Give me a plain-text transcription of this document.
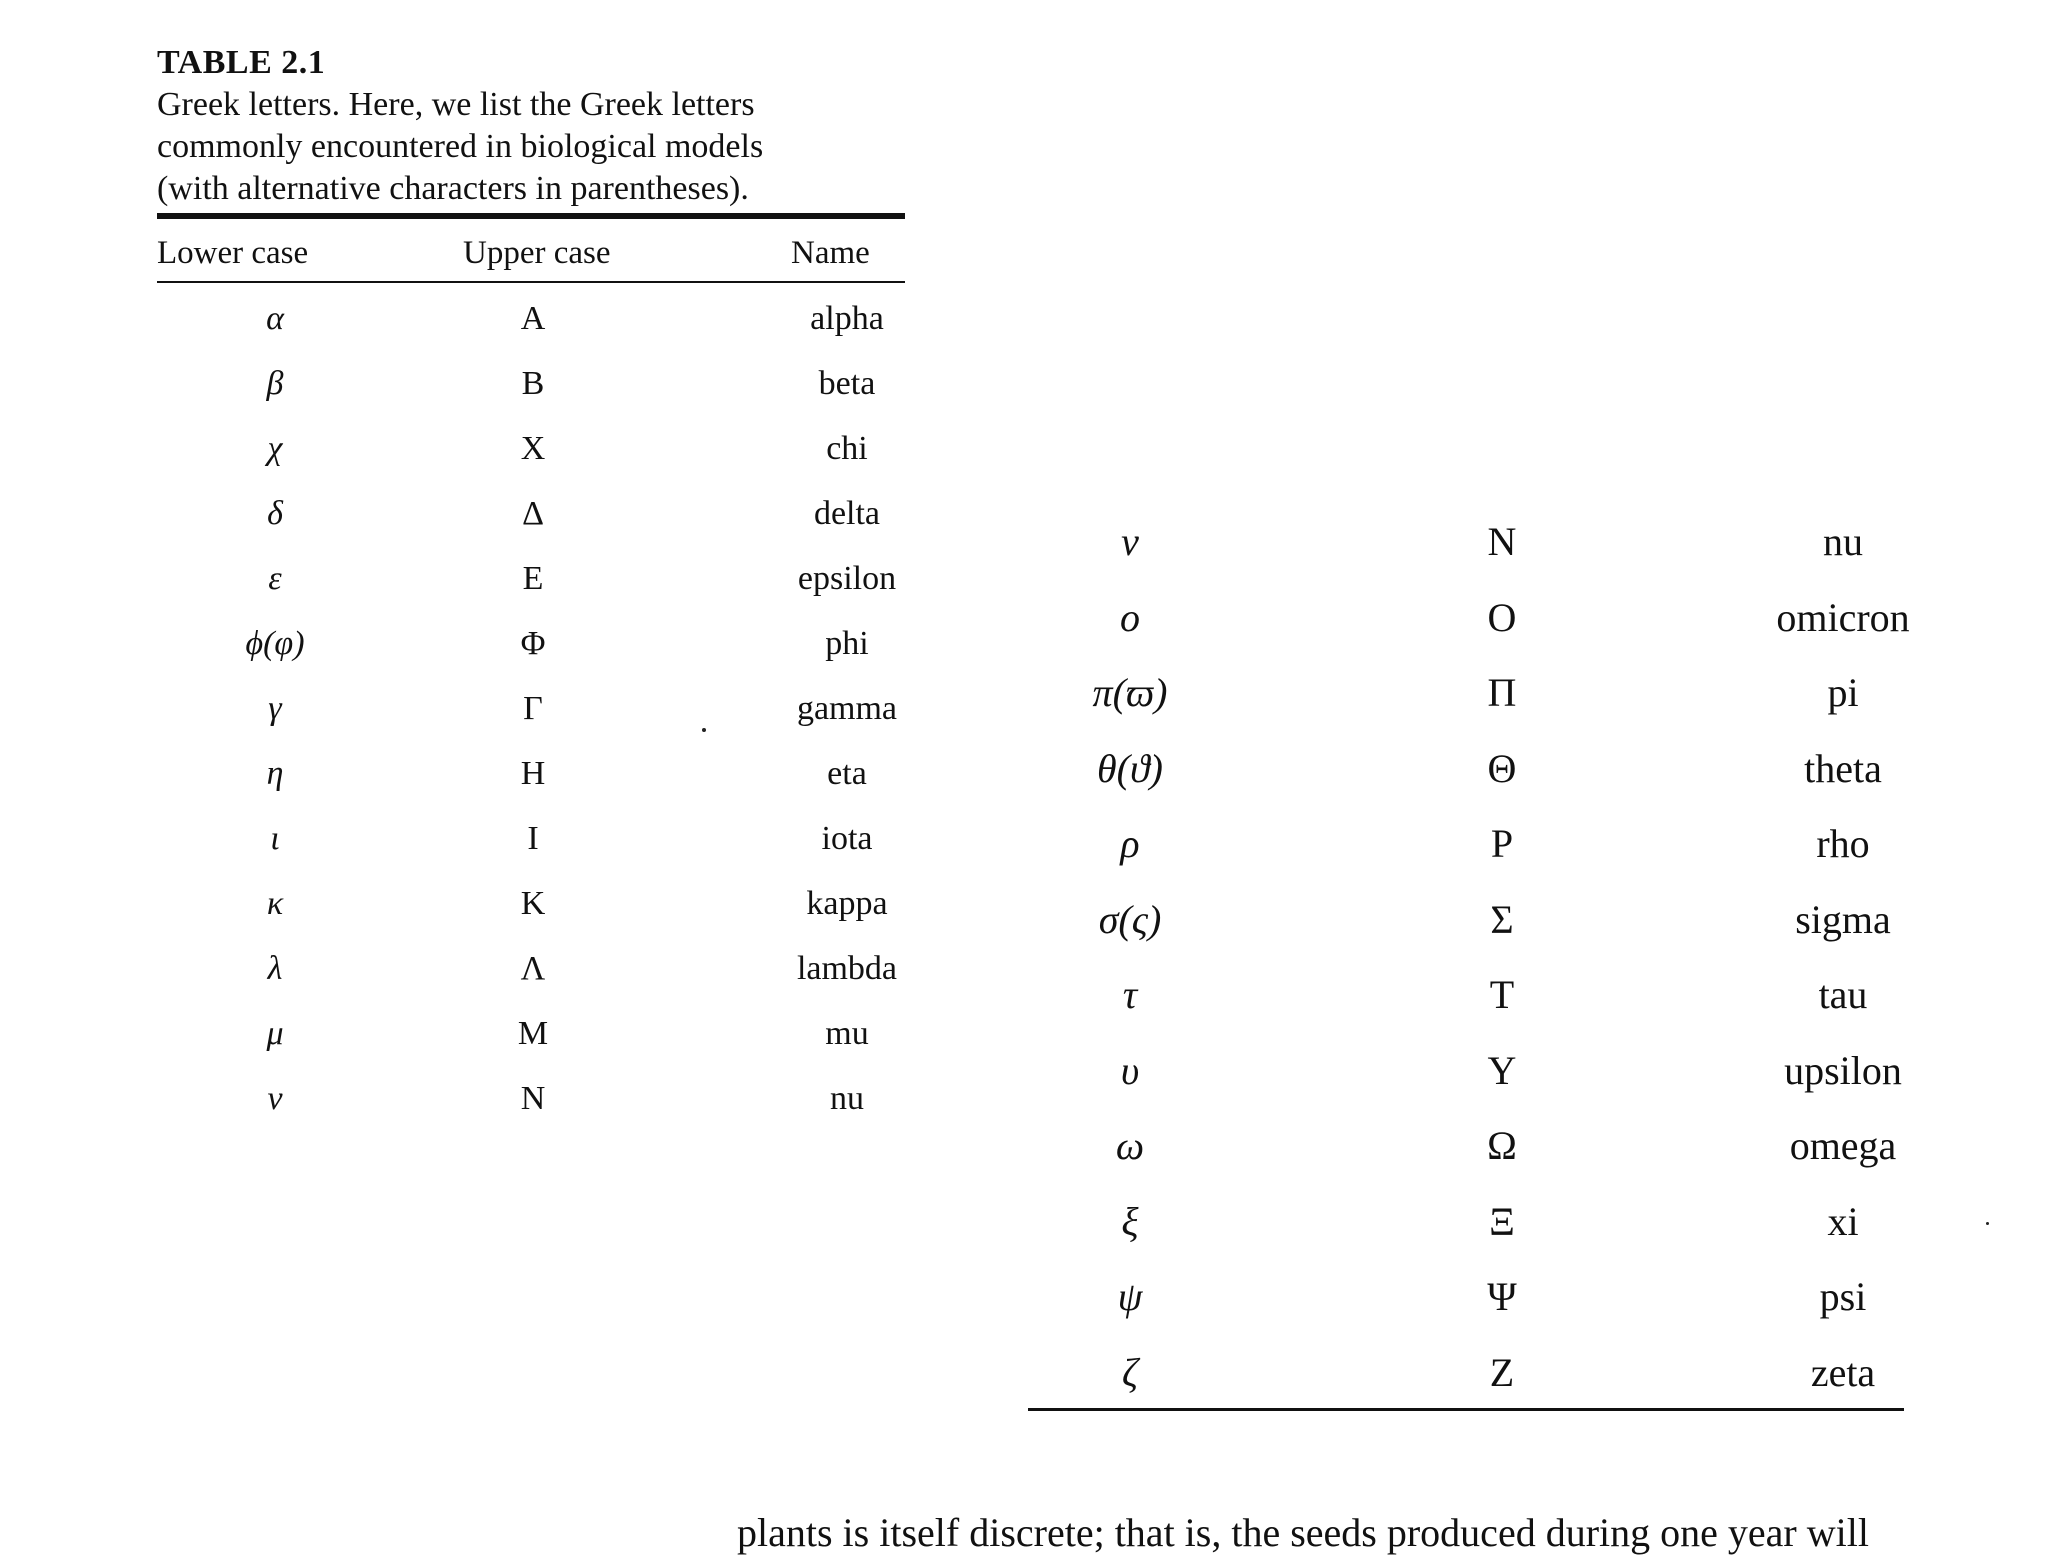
TABLE 2.1
Greek letters. Here, we list the Greek letters
commonly encountered in biological models
(with alternative characters in parentheses).
Lower case	Upper case	Name
α	A	alpha
β	B	beta
χ	X	chi
δ	Δ	delta
ε	E	epsilon
ϕ(φ)	Φ	phi
γ	Γ	gamma
η	H	eta
ι	I	iota
κ	K	kappa
λ	Λ	lambda
μ	M	mu
ν	N	nu
ν	N	nu
o	O	omicron
π(ϖ)	Π	pi
θ(ϑ)	Θ	theta
ρ	P	rho
σ(ς)	Σ	sigma
τ	T	tau
υ	Y	upsilon
ω	Ω	omega
ξ	Ξ	xi
ψ	Ψ	psi
ζ	Z	zeta
plants is itself discrete; that is, the seeds produced during one year will
